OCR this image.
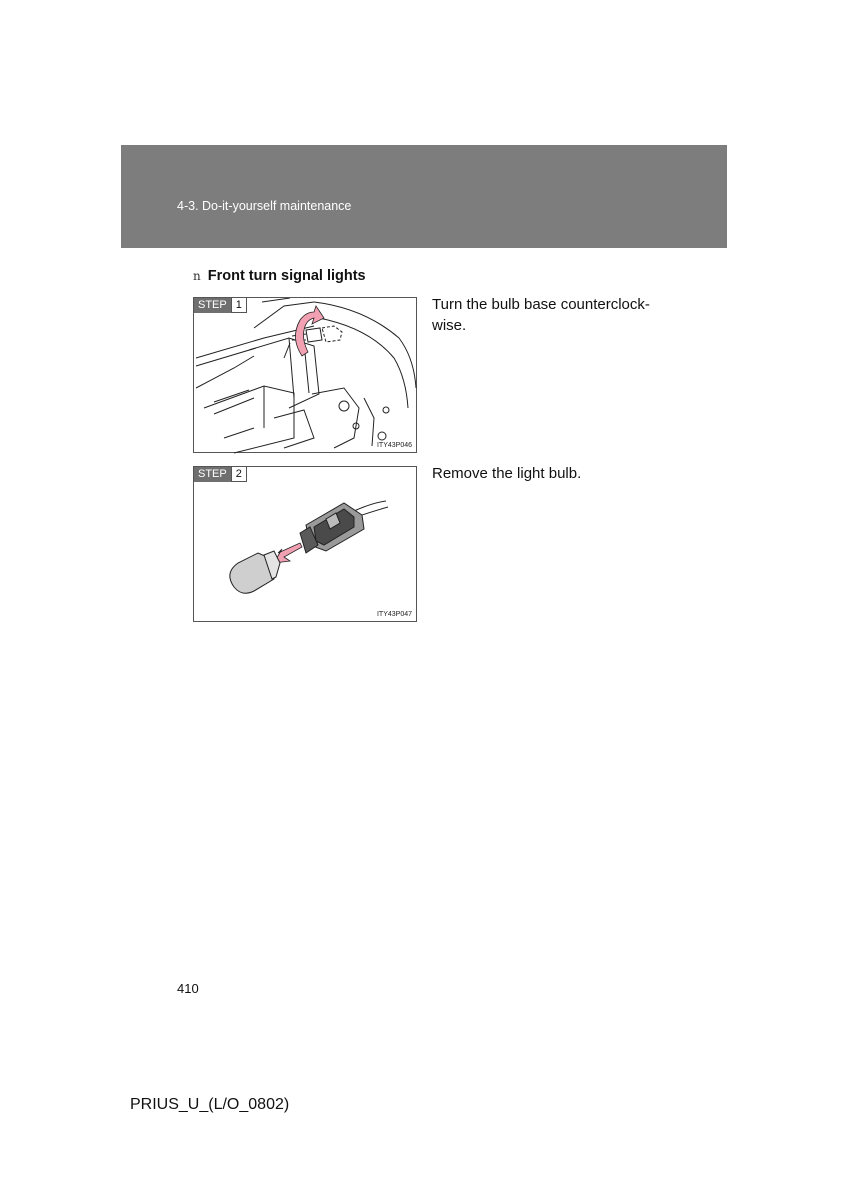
4-3. Do-it-yourself maintenance
n Front turn signal lights
STEP 1
ITY43P046
Turn the bulb base counterclock-wise.
STEP 2
ITY43P047
Remove the light bulb.
410
PRIUS_U_(L/O_0802)
